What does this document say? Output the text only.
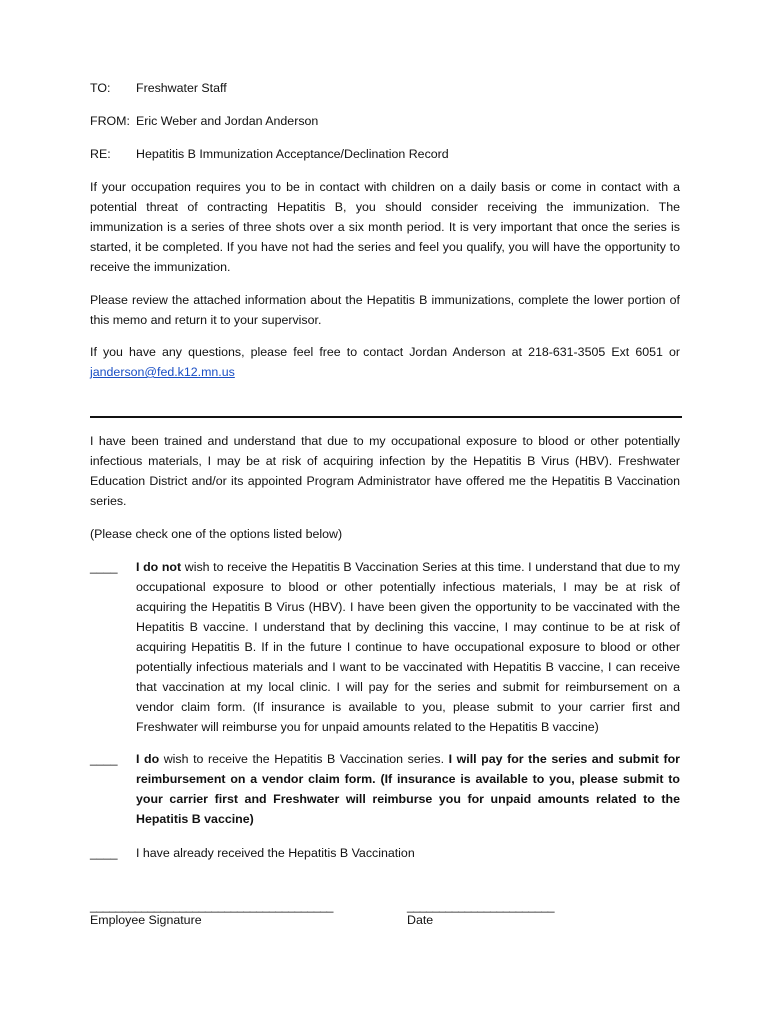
TO: Freshwater Staff
FROM: Eric Weber and Jordan Anderson
RE: Hepatitis B Immunization Acceptance/Declination Record

If your occupation requires you to be in contact with children on a daily basis or come in contact with a potential threat of contracting Hepatitis B, you should consider receiving the immunization. The immunization is a series of three shots over a six month period. It is very important that once the series is started, it be completed. If you have not had the series and feel you qualify, you will have the opportunity to receive the immunization.

Please review the attached information about the Hepatitis B immunizations, complete the lower portion of this memo and return it to your supervisor.

If you have any questions, please feel free to contact Jordan Anderson at 218-631-3505 Ext 6051 or janderson@fed.k12.mn.us

I have been trained and understand that due to my occupational exposure to blood or other potentially infectious materials, I may be at risk of acquiring infection by the Hepatitis B Virus (HBV). Freshwater Education District and/or its appointed Program Administrator have offered me the Hepatitis B Vaccination series.

(Please check one of the options listed below)

____ I do not wish to receive the Hepatitis B Vaccination Series at this time. I understand that due to my occupational exposure to blood or other potentially infectious materials, I may be at risk of acquiring the Hepatitis B Virus (HBV). I have been given the opportunity to be vaccinated with the Hepatitis B vaccine. I understand that by declining this vaccine, I may continue to be at risk of acquiring Hepatitis B. If in the future I continue to have occupational exposure to blood or other potentially infectious materials and I want to be vaccinated with Hepatitis B vaccine, I can receive that vaccination at my local clinic. I will pay for the series and submit for reimbursement on a vendor claim form. (If insurance is available to you, please submit to your carrier first and Freshwater will reimburse you for unpaid amounts related to the Hepatitis B vaccine)
____ I do wish to receive the Hepatitis B Vaccination series. I will pay for the series and submit for reimbursement on a vendor claim form. (If insurance is available to you, please submit to your carrier first and Freshwater will reimburse you for unpaid amounts related to the Hepatitis B vaccine)
____ I have already received the Hepatitis B Vaccination
______________________________________
Employee Signature
_______________________
Date
